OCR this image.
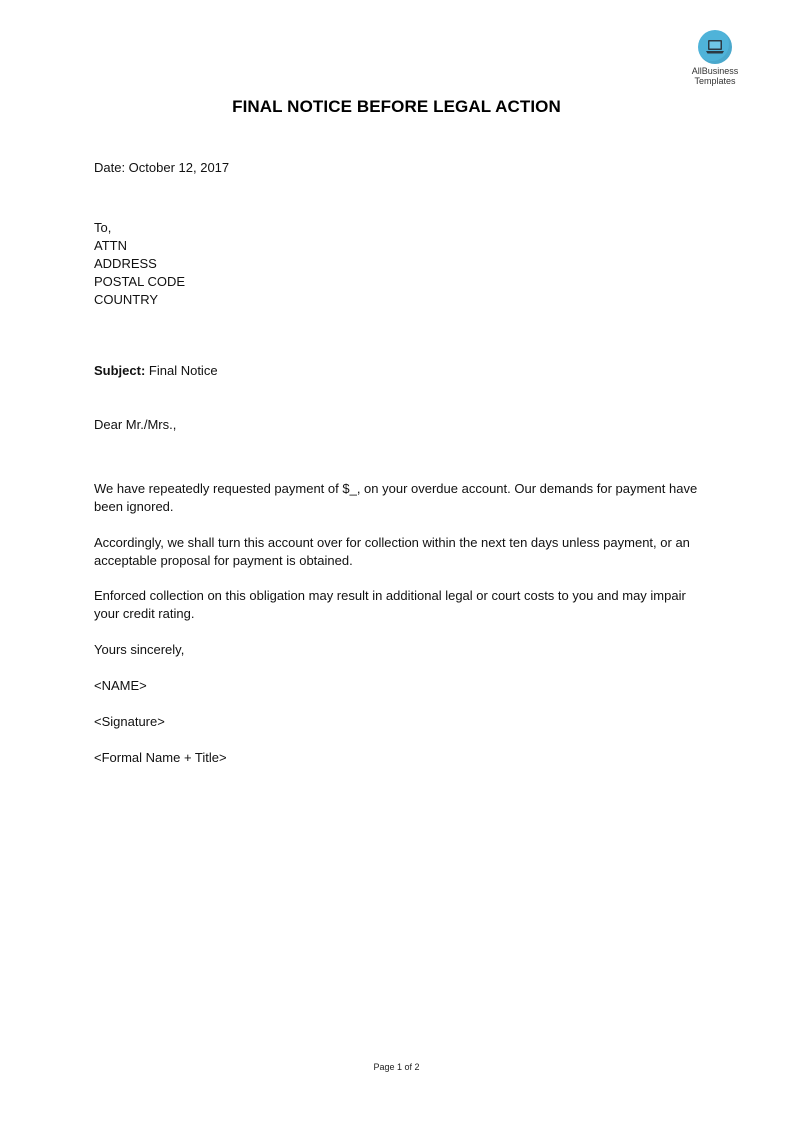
AllBusiness
Templates
FINAL NOTICE BEFORE LEGAL ACTION
Date: October 12, 2017
To,
ATTN
ADDRESS
POSTAL CODE
COUNTRY
Subject: Final Notice
Dear Mr./Mrs.,
We have repeatedly requested payment of $_, on your overdue account. Our demands for payment have been ignored.
Accordingly, we shall turn this account over for collection within the next ten days unless payment, or an acceptable proposal for payment is obtained.
Enforced collection on this obligation may result in additional legal or court costs to you and may impair your credit rating.
Yours sincerely,
<NAME>
<Signature>
<Formal Name + Title>
Page 1 of 2
